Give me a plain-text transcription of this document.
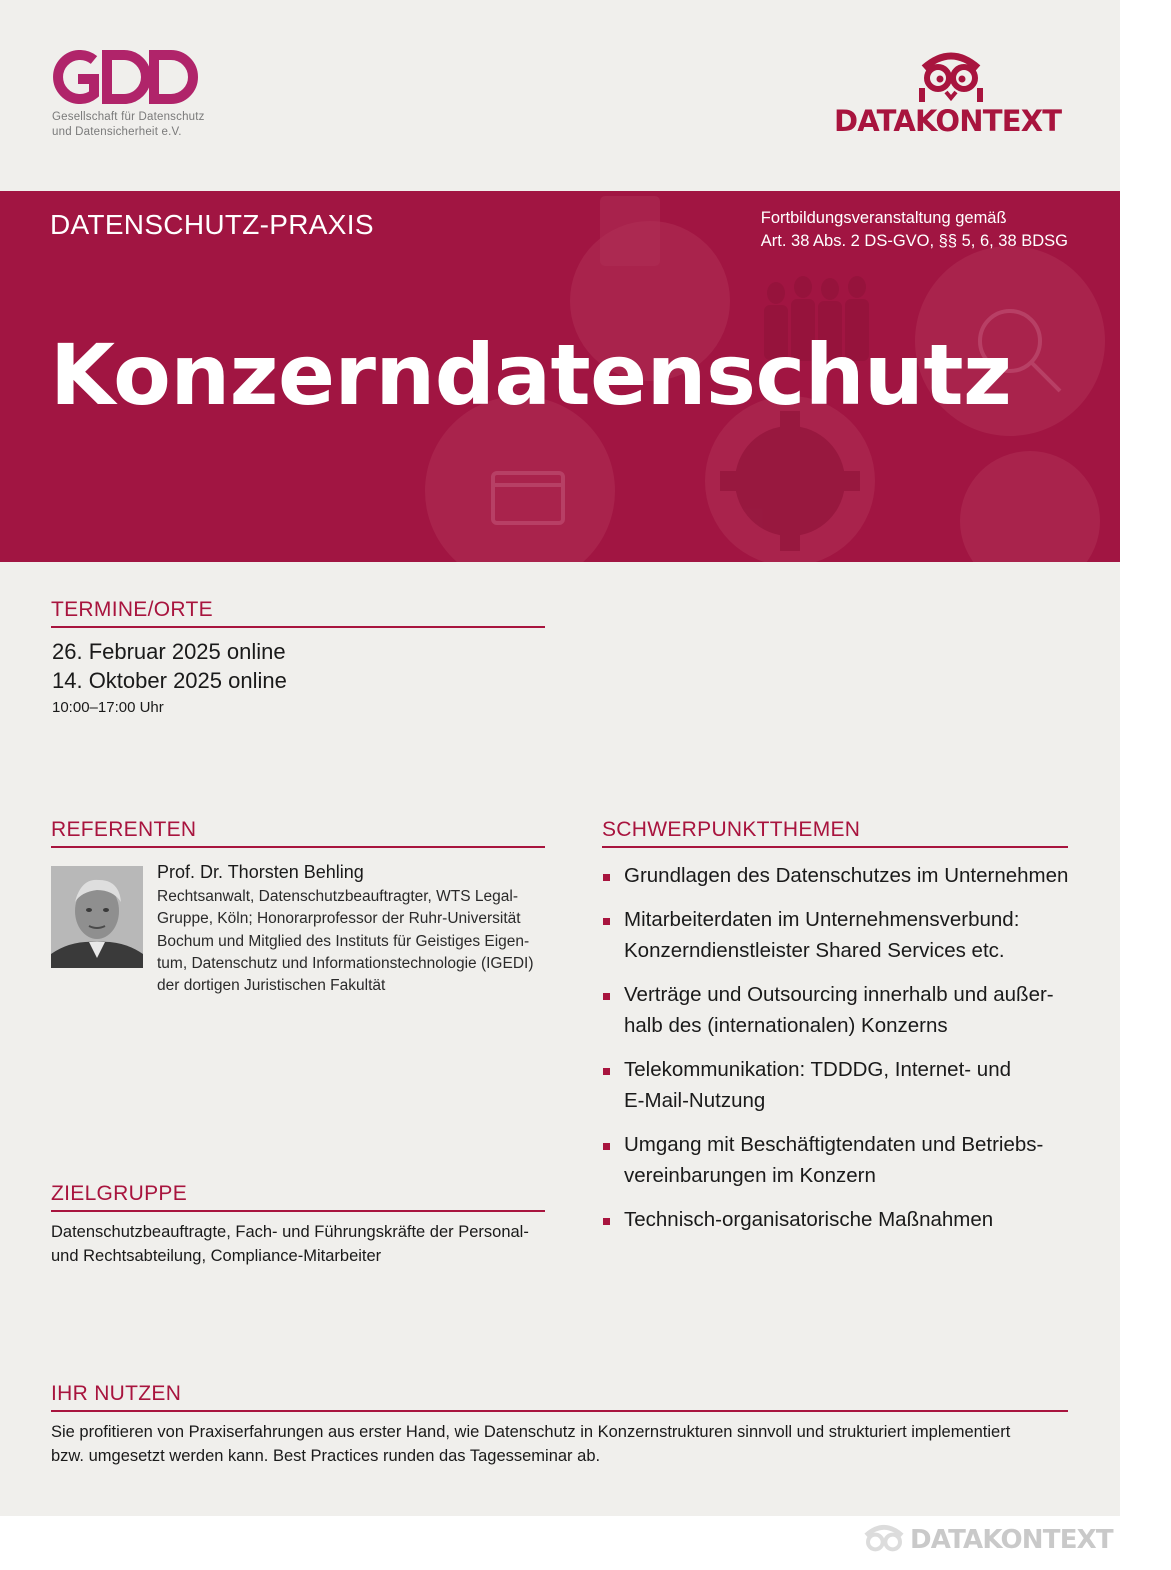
Gesellschaft für Datenschutz
und Datensicherheit e.V.	DATAKONTEXT
DATENSCHUTZ-PRAXIS	Fortbildungsveranstaltung gemäß
Art. 38 Abs. 2 DS-GVO, §§ 5, 6, 38 BDSG
Konzerndatenschutz
TERMINE/ORTE
26. Februar 2025 online
14. Oktober 2025 online
10:00–17:00 Uhr
REFERENTEN
Prof. Dr. Thorsten Behling
Rechtsanwalt, Datenschutzbeauftragter, WTS Legal-
Gruppe, Köln; Honorarprofessor der Ruhr-Universität
Bochum und Mitglied des Instituts für Geistiges Eigen-
tum, Datenschutz und Informationstechnologie (IGEDI)
der dortigen Juristischen Fakultät
SCHWERPUNKTTHEMEN
Grundlagen des Datenschutzes im Unternehmen
Mitarbeiterdaten im Unternehmensverbund:
Konzerndienstleister Shared Services etc.
Verträge und Outsourcing innerhalb und außer-
halb des (internationalen) Konzerns
Telekommunikation: TDDDG, Internet- und
E-Mail-Nutzung
Umgang mit Beschäftigtendaten und Betriebs-
vereinbarungen im Konzern
Technisch-organisatorische Maßnahmen
ZIELGRUPPE
Datenschutzbeauftragte, Fach- und Führungskräfte der Personal-
und Rechtsabteilung, Compliance-Mitarbeiter
IHR NUTZEN
Sie profitieren von Praxiserfahrungen aus erster Hand, wie Datenschutz in Konzernstrukturen sinnvoll und strukturiert implementiert
bzw. umgesetzt werden kann. Best Practices runden das Tagesseminar ab.
DATAKONTEXT
